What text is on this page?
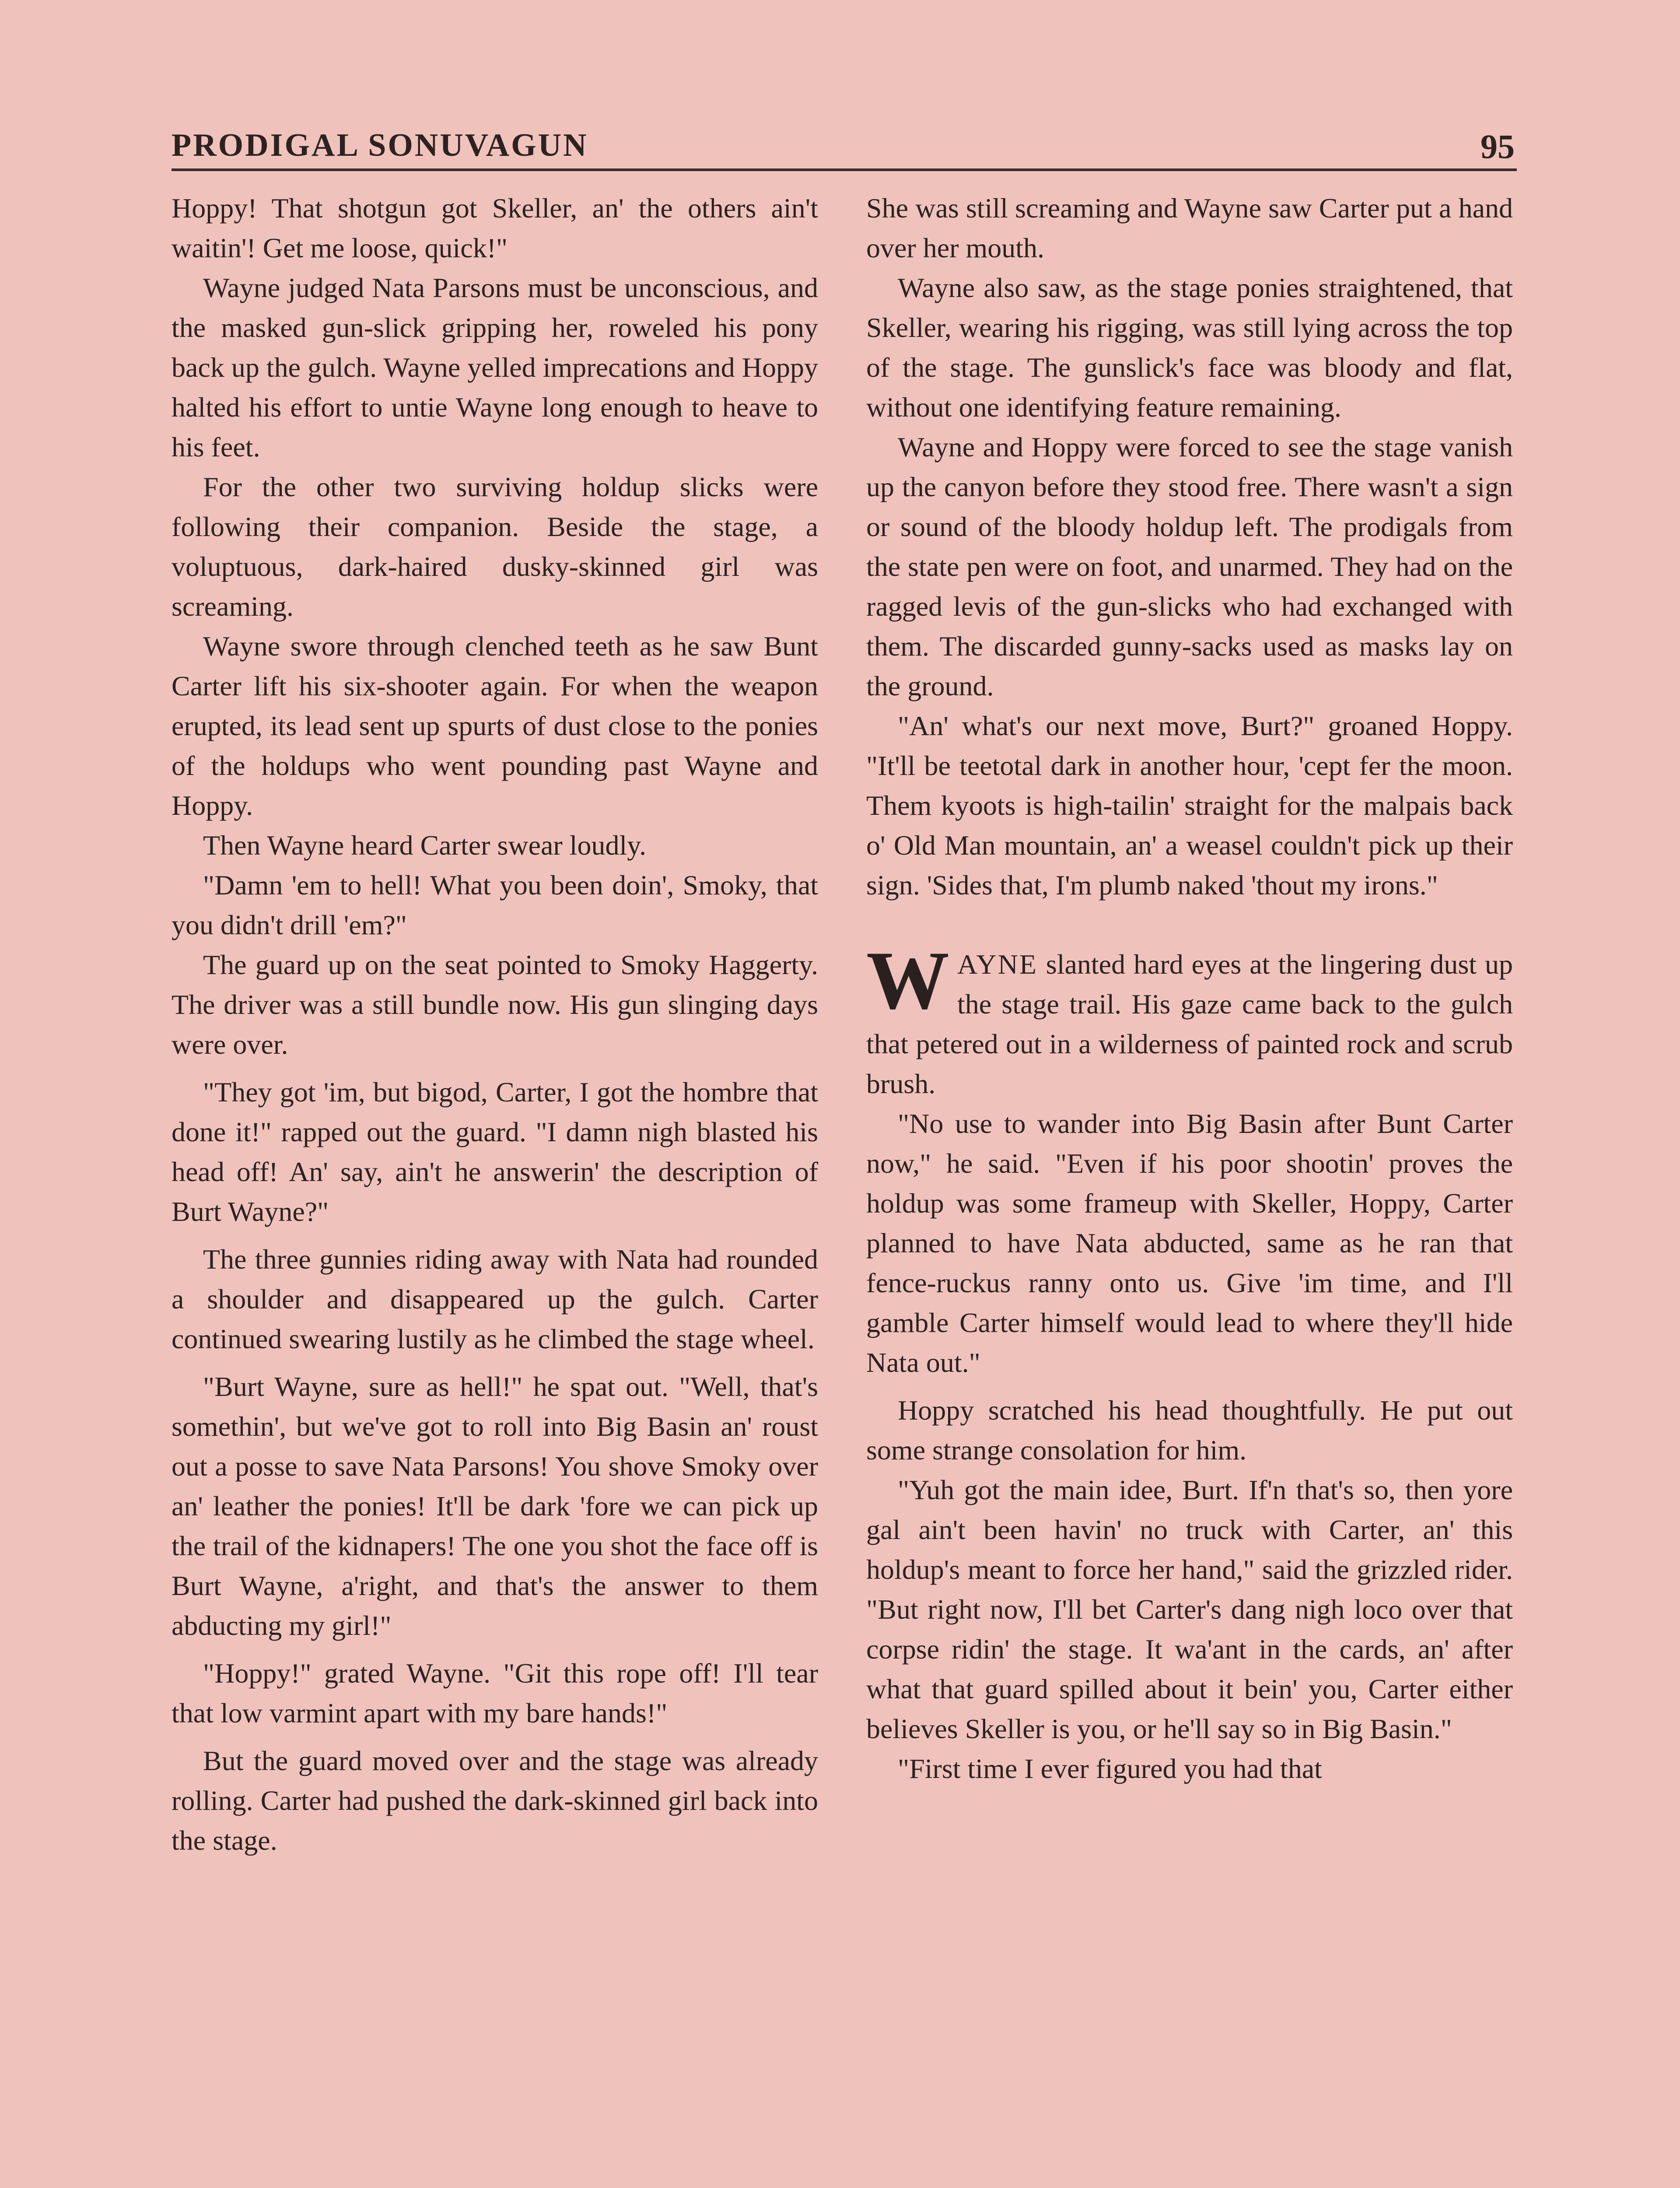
PRODIGAL SONUVAGUN	95

Hoppy! That shotgun got Skeller, an' the others ain't waitin'! Get me loose, quick!"

Wayne judged Nata Parsons must be unconscious, and the masked gun-slick gripping her, roweled his pony back up the gulch. Wayne yelled imprecations and Hoppy halted his effort to untie Wayne long enough to heave to his feet.

For the other two surviving holdup slicks were following their companion. Beside the stage, a voluptuous, dark-haired dusky-skinned girl was screaming.

Wayne swore through clenched teeth as he saw Bunt Carter lift his six-shooter again. For when the weapon erupted, its lead sent up spurts of dust close to the ponies of the holdups who went pounding past Wayne and Hoppy.

Then Wayne heard Carter swear loudly.

"Damn 'em to hell! What you been doin', Smoky, that you didn't drill 'em?"

The guard up on the seat pointed to Smoky Haggerty. The driver was a still bundle now. His gun slinging days were over.

"They got 'im, but bigod, Carter, I got the hombre that done it!" rapped out the guard. "I damn nigh blasted his head off! An' say, ain't he answerin' the description of Burt Wayne?"

The three gunnies riding away with Nata had rounded a shoulder and disappeared up the gulch. Carter continued swearing lustily as he climbed the stage wheel.

"Burt Wayne, sure as hell!" he spat out. "Well, that's somethin', but we've got to roll into Big Basin an' roust out a posse to save Nata Parsons! You shove Smoky over an' leather the ponies! It'll be dark 'fore we can pick up the trail of the kidnapers! The one you shot the face off is Burt Wayne, a'right, and that's the answer to them abducting my girl!"

"Hoppy!" grated Wayne. "Git this rope off! I'll tear that low varmint apart with my bare hands!"

But the guard moved over and the stage was already rolling. Carter had pushed the dark-skinned girl back into the stage.

She was still screaming and Wayne saw Carter put a hand over her mouth.

Wayne also saw, as the stage ponies straightened, that Skeller, wearing his rigging, was still lying across the top of the stage. The gunslick's face was bloody and flat, without one identifying feature remaining.

Wayne and Hoppy were forced to see the stage vanish up the canyon before they stood free. There wasn't a sign or sound of the bloody holdup left. The prodigals from the state pen were on foot, and unarmed. They had on the ragged levis of the gun-slicks who had exchanged with them. The discarded gunny-sacks used as masks lay on the ground.

"An' what's our next move, Burt?" groaned Hoppy. "It'll be teetotal dark in another hour, 'cept fer the moon. Them kyoots is high-tailin' straight for the malpais back o' Old Man mountain, an' a weasel couldn't pick up their sign. 'Sides that, I'm plumb naked 'thout my irons."

WAYNE slanted hard eyes at the lingering dust up the stage trail. His gaze came back to the gulch that petered out in a wilderness of painted rock and scrub brush.

"No use to wander into Big Basin after Bunt Carter now," he said. "Even if his poor shootin' proves the holdup was some frameup with Skeller, Hoppy, Carter planned to have Nata abducted, same as he ran that fence-ruckus ranny onto us. Give 'im time, and I'll gamble Carter himself would lead to where they'll hide Nata out."

Hoppy scratched his head thoughtfully. He put out some strange consolation for him.

"Yuh got the main idee, Burt. If'n that's so, then yore gal ain't been havin' no truck with Carter, an' this holdup's meant to force her hand," said the grizzled rider. "But right now, I'll bet Carter's dang nigh loco over that corpse ridin' the stage. It wa'ant in the cards, an' after what that guard spilled about it bein' you, Carter either believes Skeller is you, or he'll say so in Big Basin."

"First time I ever figured you had that
